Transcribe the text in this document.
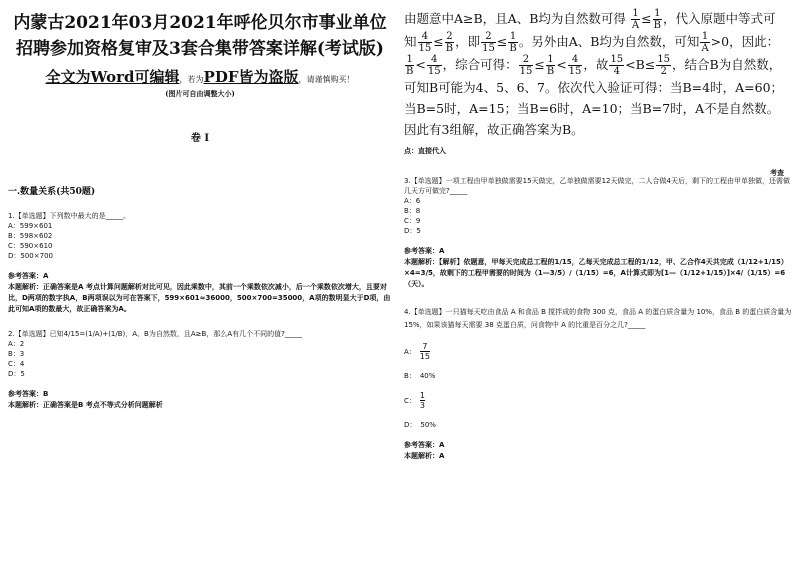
内蒙古2021年03月2021年呼伦贝尔市事业单位招聘参加资格复审及3套合集带答案详解(考试版)
全文为Word可编辑，若为PDF皆为盗版，请谨慎购买！
(图片可自由调整大小)
卷 I
一.数量关系(共50题)
1.【单选题】下列数中最大的是_____。
A：599×601
B：598×602
C：590×610
D：500×700
参考答案：A
本题解析：正确答案是A 考点计算问题解析对比可见，因此乘数中，其前一个乘数依次减小，后一个乘数依次增大，且要对比，D两项的数字执A，B两项误以为可在答案下，599×601≈36000，500×700=35000，A项的数明显大于D项，由此可知A项的数最大，故正确答案为A。
2.【单选题】已知4/15=(1/A)+(1/B)，A、B为自然数，且A≥B，那么A有几个不同的值?_____
A：2
B：3
C：4
D：5
参考答案：B
本题解析：正确答案是B 考点不等式分析问题解析
由题意中A≥B，且A、B均为自然数可得 $\frac{1}{A} \le \frac{1}{B}$ ，代入原题中等式可
知 $\frac{4}{15} \le \frac{2}{B}$ ，即 $\frac{2}{15} \le \frac{1}{B}$ 。另外由A、B均为自然数，可知 $\frac{1}{A} >0$，因此：
$\frac{1}{B} < \frac{4}{15}$ ，综合可得： $\frac{2}{15} \le \frac{1}{B} < \frac{4}{15}$ ，故 $\frac{15}{4} <B\le \frac{15}{2}$ ，结合B为自然数，
可知B可能为4、5、6、7。依次代入验证可得：当B=4时，A=60；
当B=5时，A=15；当B=6时，A=10；当B=7时，A不是自然数。
因此有3组解，故正确答案为B。
考查
点：直接代入
3.【单选题】一项工程由甲单独做需要15天做完，乙单独做需要12天做完，二人合做4天后，剩下的工程由甲单独做，还需做几天方可做完?_____
A：6
B：8
C：9
D：5
参考答案：A
本题解析：【解析】依题意，甲每天完成总工程的1/15，乙每天完成总工程的1/12，甲、乙合作4天共完成（1/12+1/15）×4=3/5，故剩下的工程甲需要的时间为（1—3/5）/（1/15）=6，A计算式即为[1—（1/12+1/15）]×4/（1/15）=6（天）。
4.【单选题】一只猫每天吃由食品 A 和食品 B 搅拌成的食物 300 克，食品 A 的蛋白质含量为 10%，食品 B 的蛋白质含量为 15%，如果该猫每天需要 38 克蛋白质，问食物中 A 的比重是百分之几?_____
A： $\frac{7}{15}$
B： 40%
C： $\frac{1}{3}$
D： 50%
参考答案：A
本题解析：A
